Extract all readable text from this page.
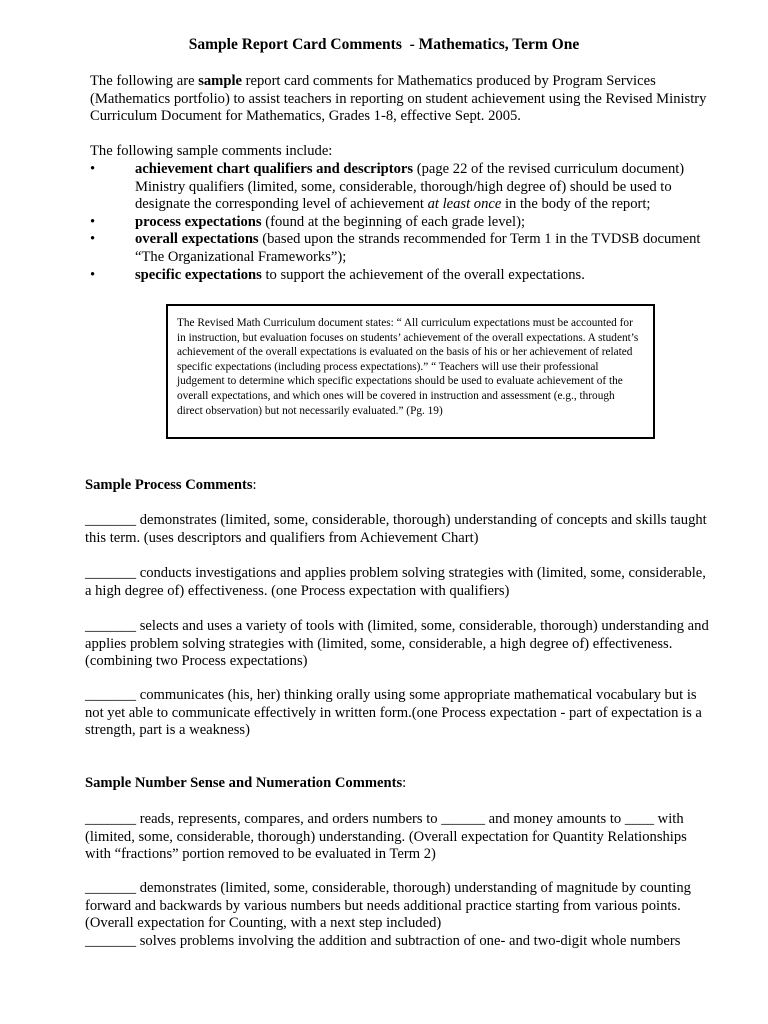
Sample Report Card Comments  - Mathematics, Term One

The following are sample report card comments for Mathematics produced by Program Services (Mathematics portfolio) to assist teachers in reporting on student achievement using the Revised Ministry Curriculum Document for Mathematics, Grades 1-8, effective Sept. 2005.

The following sample comments include:

•	achievement chart qualifiers and descriptors (page 22 of the revised curriculum document) Ministry qualifiers (limited, some, considerable, thorough/high degree of) should be used to designate the corresponding level of achievement at least once in the body of the report;
•	process expectations (found at the beginning of each grade level);
•	overall expectations (based upon the strands recommended for Term 1 in the TVDSB document “The Organizational Frameworks”);
•	specific expectations to support the achievement of the overall expectations.
The Revised Math Curriculum document states: “ All curriculum expectations must be accounted for in instruction, but evaluation focuses on students’ achievement of the overall expectations. A student’s achievement of the overall expectations is evaluated on the basis of his or her achievement of related specific expectations (including process expectations).” “ Teachers will use their professional judgement to determine which specific expectations should be used to evaluate achievement of the overall expectations, and which ones will be covered in instruction and assessment (e.g., through direct observation) but not necessarily evaluated.” (Pg. 19)
Sample Process Comments:

_______ demonstrates (limited, some, considerable, thorough) understanding of concepts and skills taught this term. (uses descriptors and qualifiers from Achievement Chart)

_______ conducts investigations and applies problem solving strategies with (limited, some, considerable, a high degree of) effectiveness. (one Process expectation with qualifiers)

_______ selects and uses a variety of tools with (limited, some, considerable, thorough) understanding and applies problem solving strategies with (limited, some, considerable, a high degree of) effectiveness. (combining two Process expectations)

_______ communicates (his, her) thinking orally using some appropriate mathematical vocabulary but is not yet able to communicate effectively in written form.(one Process expectation - part of expectation is a strength, part is a weakness)

Sample Number Sense and Numeration Comments:

_______ reads, represents, compares, and orders numbers to ______ and money amounts to ____ with (limited, some, considerable, thorough) understanding. (Overall expectation for Quantity Relationships with “fractions” portion removed to be evaluated in Term 2)

_______ demonstrates (limited, some, considerable, thorough) understanding of magnitude by counting forward and backwards by various numbers but needs additional practice starting from various points. (Overall expectation for Counting, with a next step included)

_______ solves problems involving the addition and subtraction of one- and two-digit whole numbers
